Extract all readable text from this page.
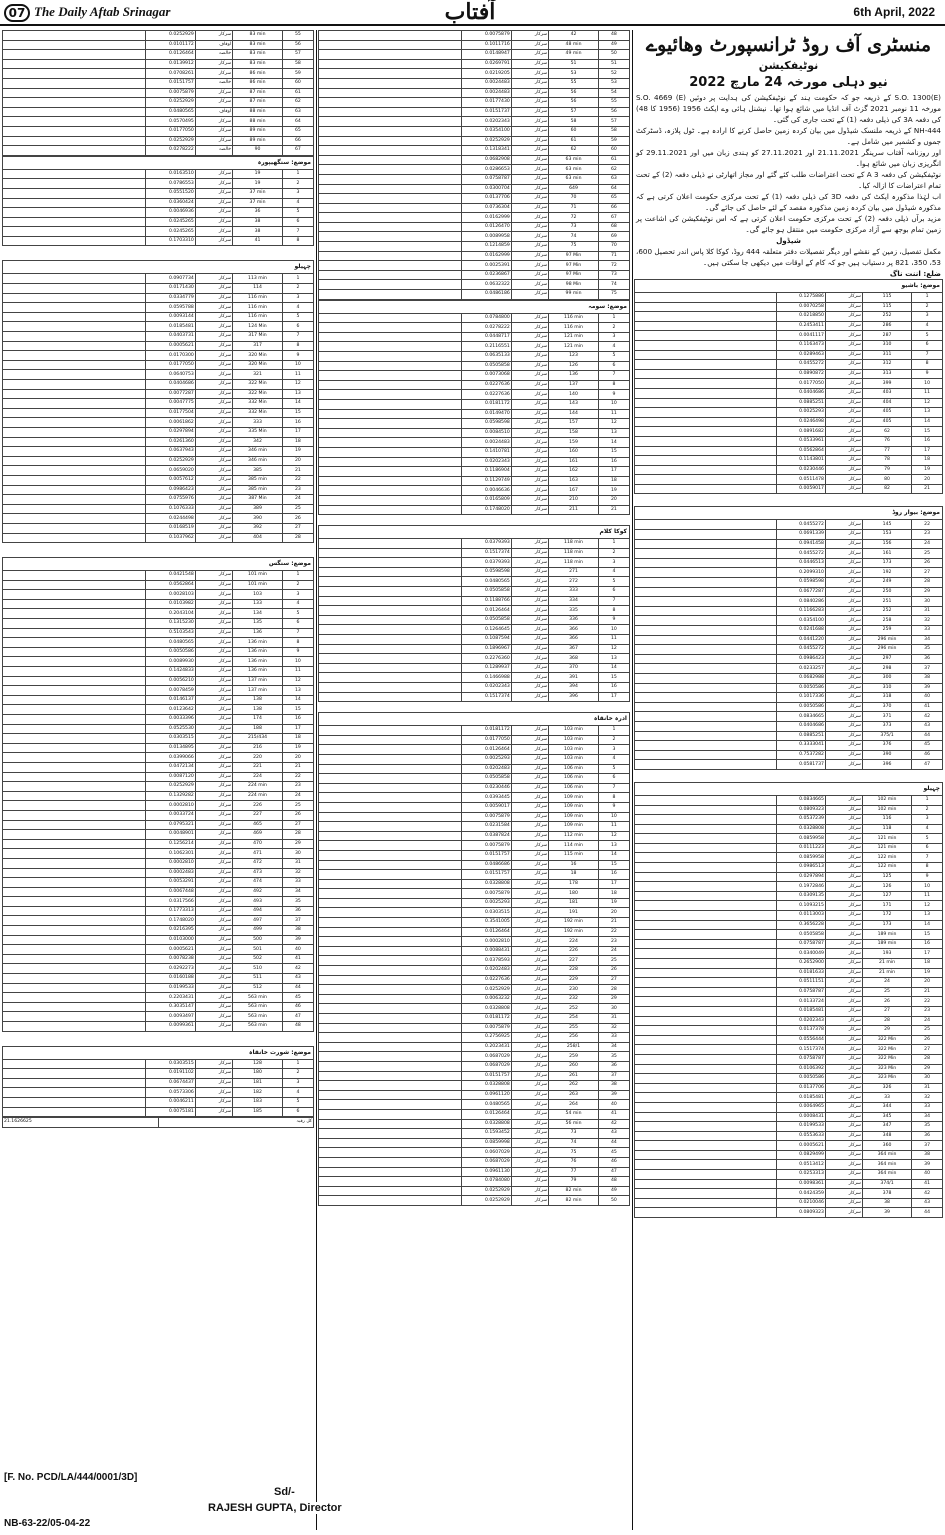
07 The Daily Aftab Srinagar	آفتاب	6th April, 2022
	0.0252929	سرکار	83 min	55
	0.0101172	اوقاف	83 min	56
	0.0126464	خالصہ	83 min	57
	0.0139912	سرکار	83 min	58
	0.0708261	سرکار	86 min	59
	0.0151757	خالصہ	86 min	60
	0.0075879	سرکار	87 min	61
	0.0252929	سرکار	87 min	62
	0.0480565	اوقاف	88 min	63
	0.0570495	سرکار	88 min	64
	0.0177050	سرکار	89 min	65
	0.0252929	سرکار	89 min	66
	0.0278222	خالصہ	90	67
موضع: سنگھیپورہ
	0.0163510	سرکار	19	1
	0.0786553	سرکار	19	2
	0.0551520	سرکار	37 min	3
	0.0360424	سرکار	37 min	4
	0.0046936	سرکار	36	5
	0.0245265	سرکار	38	6
	0.0245265	سرکار	38	7
	0.1703310	سرکار	41	8
چہیلو
	0.0907734	سرکار	113 min	1
	0.0171430	سرکار	114	2
	0.0334779	سرکار	116 min	3
	0.0595788	سرکار	116 min	4
	0.0093144	سرکار	116 min	5
	0.0185481	سرکار	124 Min	6
	0.0403731	سرکار	317 Min	7
	0.0005621	سرکار	317	8
	0.0170300	سرکار	320 Min	9
	0.0177050	سرکار	320 Min	10
	0.0640753	سرکار	321	11
	0.0404686	سرکار	322 Min	12
	0.0077287	سرکار	322 Min	13
	0.0047775	سرکار	332 Min	14
	0.0177504	سرکار	332 Min	15
	0.0061862	سرکار	333	16
	0.0297894	سرکار	335 Min	17
	0.0261360	سرکار	342	18
	0.0637943	سرکار	346 min	19
	0.0252929	سرکار	346 min	20
	0.0659020	سرکار	385	21
	0.0057612	سرکار	385 min	22
	0.0986423	سرکار	385 min	23
	0.0755976	سرکار	387 Min	24
	0.1076333	سرکار	389	25
	0.0244498	سرکار	390	26
	0.0168519	سرکار	392	27
	0.1037962	سرکار	404	28
موضع: سنگس
	0.0421548	سرکار	101 min	1
	0.0562864	سرکار	101 min	2
	0.0028103	سرکار	103	3
	0.0103982	سرکار	133	4
	0.2043104	سرکار	134	5
	0.1315230	سرکار	135	6
	0.5103543	سرکار	136	7
	0.0480565	سرکار	136 min	8
	0.0050586	سرکار	136 min	9
	0.0089930	سرکار	136 min	10
	0.1424833	سرکار	136 min	11
	0.0056210	سرکار	137 min	12
	0.0078459	سرکار	137 min	13
	0.0146137	سرکار	138	14
	0.0123642	سرکار	138	15
	0.0033396	سرکار	174	16
	0.0525530	سرکار	188	17
	0.0303515	سرکار	215/434	18
	0.0134895	سرکار	216	19
	0.0399066	سرکار	220	20
	0.0472134	سرکار	221	21
	0.0087120	سرکار	224	22
	0.0252929	سرکار	224 min	23
	0.1329282	سرکار	224 min	24
	0.0002810	سرکار	226	25
	0.0033724	سرکار	227	26
	0.0795321	سرکار	465	27
	0.0048901	سرکار	469	28
	0.1256214	سرکار	470	29
	0.1062301	سرکار	471	30
	0.0002810	سرکار	472	31
	0.0002483	سرکار	473	32
	0.0053291	سرکار	474	33
	0.0067448	سرکار	492	34
	0.0317566	سرکار	493	35
	0.1773313	سرکار	494	36
	0.1748020	سرکار	497	37
	0.0216395	سرکار	499	38
	0.0103000	سرکار	500	39
	0.0005621	سرکار	501	40
	0.0078238	سرکار	502	41
	0.0292273	سرکار	510	42
	0.0160188	سرکار	511	43
	0.0199533	سرکار	512	44
	0.2203431	سرکار	563 min	45
	0.3035147	سرکار	563 min	46
	0.0093497	سرکار	563 min	47
	0.0099361	سرکار	563 min	48
موضع: شورت خانقاہ
	0.0303515	سرکار	128	1
	0.0191102	سرکار	180	2
	0.0674437	سرکار	181	3
	0.0573306	سرکار	182	4
	0.0046211	سرکار	183	5
	0.0075181	سرکار	185	6
21.1626625	کل رقبہ
	0.0075879	سرکار	42	48
	0.1011716	سرکار	48 min	49
	0.0148947	سرکار	49 min	50
	0.0269791	سرکار	51	51
	0.0219205	سرکار	53	52
	0.0024483	سرکار	55	53
	0.0024483	سرکار	56	54
	0.0177430	سرکار	56	55
	0.0151737	سرکار	57	56
	0.0202343	سرکار	58	57
	0.0354100	سرکار	60	58
	0.0252929	سرکار	61	59
	0.1318341	سرکار	62	60
	0.0682908	سرکار	63 min	61
	0.0286653	سرکار	63 min	62
	0.0758787	سرکار	63 min	63
	0.0300704	سرکار	649	64
	0.0137706	سرکار	70	65
	0.0736304	سرکار	71	66
	0.0162999	سرکار	72	67
	0.0126470	سرکار	73	68
	0.0089958	سرکار	74	69
	0.1214859	سرکار	75	70
	0.0162999	سرکار	97 Min	71
	0.0025391	سرکار	97 Min	72
	0.0236867	سرکار	97 Min	73
	0.0632322	سرکار	98 Min	74
	0.0486186	سرکار	99 min	75
موضع: سومہ
	0.0784800	سرکار	116 min	1
	0.0278222	سرکار	116 min	2
	0.0448717	سرکار	121 min	3
	0.2116551	سرکار	121 min	4
	0.0635133	سرکار	123	5
	0.0505858	سرکار	126	6
	0.0073068	سرکار	136	7
	0.0227636	سرکار	137	8
	0.0227636	سرکار	140	9
	0.0181172	سرکار	143	10
	0.0149470	سرکار	144	11
	0.0598598	سرکار	157	12
	0.0084510	سرکار	158	13
	0.0024483	سرکار	159	14
	0.1410781	سرکار	160	15
	0.0202343	سرکار	161	16
	0.1186904	سرکار	162	17
	0.1129749	سرکار	163	18
	0.0046636	سرکار	167	19
	0.0165809	سرکار	210	20
	0.1748020	سرکار	211	21
کوکا کلام
	0.0379393	سرکار	118 min	1
	0.1517374	سرکار	118 min	2
	0.0379393	سرکار	118 min	3
	0.0598598	سرکار	271	4
	0.0480565	سرکار	272	5
	0.0505858	سرکار	333	6
	0.1188766	سرکار	334	7
	0.0126464	سرکار	335	8
	0.0505858	سرکار	336	9
	0.1264645	سرکار	366	10
	0.1087594	سرکار	366	11
	0.1896967	سرکار	367	12
	0.2276360	سرکار	368	13
	0.1289937	سرکار	370	14
	0.1466988	سرکار	391	15
	0.0202343	سرکار	394	16
	0.1517374	سرکار	396	17
ادرہ خانقاہ
	0.0181172	سرکار	103 min	1
	0.0177050	سرکار	103 min	2
	0.0126464	سرکار	103 min	3
	0.0025293	سرکار	103 min	4
	0.0202483	سرکار	106 min	5
	0.0505858	سرکار	106 min	6
	0.0230446	سرکار	106 min	7
	0.0393445	سرکار	109 min	8
	0.0059017	سرکار	109 min	9
	0.0075879	سرکار	109 min	10
	0.0231584	سرکار	109 min	11
	0.0387824	سرکار	112 min	12
	0.0075879	سرکار	114 min	13
	0.0151757	سرکار	115 min	14
	0.0486686	سرکار	16	15
	0.0151757	سرکار	18	16
	0.0328808	سرکار	178	17
	0.0075879	سرکار	180	18
	0.0025293	سرکار	181	19
	0.0303515	سرکار	191	20
	0.3541005	سرکار	192 min	21
	0.0126464	سرکار	192 min	22
	0.0002810	سرکار	224	23
	0.0088431	سرکار	226	24
	0.0378593	سرکار	227	25
	0.0202483	سرکار	228	26
	0.0227636	سرکار	229	27
	0.0252929	سرکار	230	28
	0.0063232	سرکار	232	29
	0.0328808	سرکار	252	30
	0.0181172	سرکار	254	31
	0.0075879	سرکار	255	32
	0.2756925	سرکار	256	33
	0.2023431	سرکار	258/1	34
	0.0687029	سرکار	259	35
	0.0687029	سرکار	260	36
	0.0151757	سرکار	261	37
	0.0328808	سرکار	262	38
	0.0961120	سرکار	263	39
	0.0480565	سرکار	264	40
	0.0126464	سرکار	54 min	41
	0.0328808	سرکار	56 min	42
	0.1593452	سرکار	73	43
	0.0859998	سرکار	74	44
	0.0607029	سرکار	75	45
	0.0687029	سرکار	76	46
	0.0961130	سرکار	77	47
	0.0784080	سرکار	79	48
	0.0252929	سرکار	82 min	49
	0.0252929	سرکار	82 min	50
منسٹری آف روڈ ٹرانسپورٹ وھائیوے
نوٹیفکیشن
نیو دہلی مورخہ 24 مارچ 2022
S.O. 1300(E) کے ذریعہ جو کہ حکومت ہند کے نوٹیفکیشن کی ہدایت پر دوئیں S.O. 4669 (E) مورخہ 11 نومبر 2021 گزٹ آف انڈیا میں شائع ہوا تھا۔ نیشنل ہائی وے ایکٹ 1956 (1956 کا 48) کی دفعہ 3A کی ذیلی دفعہ (1) کے تحت جاری کی گئی۔
NH-444 کے ذریعہ ملنسک شیڈول میں بیان کردہ زمین حاصل کرنے کا ارادہ ہے۔ ٹول پلازہ، ڈسٹرکٹ جموں و کشمیر میں شامل ہے۔
اور روزنامہ آفتاب سرینگر 21.11.2021 اور 27.11.2021 کو ہندی زبان میں اور 29.11.2021 کو انگریزی زبان میں شائع ہوا۔
نوٹیفکیشن کی دفعہ 3 A کے تحت اعتراضات طلب کئے گئے اور مجاز اتھارٹی نے ذیلی دفعہ (2) کے تحت تمام اعتراضات کا ازالہ کیا۔
اب لہٰذا مذکورہ ایکٹ کی دفعہ 3D کی ذیلی دفعہ (1) کے تحت مرکزی حکومت اعلان کرتی ہے کہ مذکورہ شیڈول میں بیان کردہ زمین مذکورہ مقصد کے لئے حاصل کی جائے گی۔
مزید برآں ذیلی دفعہ (2) کے تحت مرکزی حکومت اعلان کرتی ہے کہ اس نوٹیفکیشن کی اشاعت پر زمین تمام بوجھ سے آزاد مرکزی حکومت میں منتقل ہو جائے گی۔
شیڈول
مکمل تفصیل، زمین کے نقشے اور دیگر تفصیلات دفتر متعلقہ 444 روڈ، کوکا کلا پاس اندر تحصیل 600، 53، 350، 821 پر دستیاب ہیں جو کہ کام کے اوقات میں دیکھی جا سکتی ہیں۔
ضلع: اننت ناگ
موضع: باشیو
	0.1275886	سرکار	115	1
	0.0070258	سرکار	115	2
	0.0218850	سرکار	252	3
	0.2453411	سرکار	286	4
	0.0041117	سرکار	287	5
	0.1163473	سرکار	310	6
	0.0289463	سرکار	311	7
	0.0455272	سرکار	312	8
	0.0890872	سرکار	313	9
	0.0177050	سرکار	399	10
	0.0404686	سرکار	403	11
	0.0885251	سرکار	404	12
	0.0025293	سرکار	405	13
	0.0246498	سرکار	405	14
	0.0891682	سرکار	62	15
	0.0533961	سرکار	76	16
	0.0562864	سرکار	77	17
	0.1143801	سرکار	78	18
	0.0230446	سرکار	79	19
	0.0511478	سرکار	80	20
	0.0059017	سرکار	82	21
موضع: بیوار روڈ
	0.0455272	سرکار	145	22
	0.0691339	سرکار	153	23
	0.0941458	سرکار	156	24
	0.0455272	سرکار	161	25
	0.0446513	سرکار	173	26
	0.2099310	سرکار	192	27
	0.0598598	سرکار	249	28
	0.0677287	سرکار	250	29
	0.0840286	سرکار	251	30
	0.1166283	سرکار	252	31
	0.0354100	سرکار	258	32
	0.0241688	سرکار	259	33
	0.0441220	سرکار	296 min	34
	0.0455272	سرکار	296 min	35
	0.0986423	سرکار	297	36
	0.0233257	سرکار	298	37
	0.0682988	سرکار	300	38
	0.0050586	سرکار	310	39
	0.1017336	سرکار	318	40
	0.0050586	سرکار	370	41
	0.0834665	سرکار	371	42
	0.0404686	سرکار	373	43
	0.0885251	سرکار	375/1	44
	0.3333041	سرکار	376	45
	0.7537282	سرکار	390	46
	0.0581737	سرکار	396	47
چہیلو
	0.0834665	سرکار	102 min	1
	0.0809323	سرکار	102 min	2
	0.0537239	سرکار	116	3
	0.0328808	سرکار	118	4
	0.0859958	سرکار	121 min	5
	0.0111223	سرکار	121 min	6
	0.0859958	سرکار	122 min	7
	0.0986513	سرکار	122 min	8
	0.0297894	سرکار	125	9
	0.1972846	سرکار	126	10
	0.0309135	سرکار	127	11
	0.1093215	سرکار	171	12
	0.0113003	سرکار	172	13
	0.3656228	سرکار	173	14
	0.0505858	سرکار	189 min	15
	0.0758787	سرکار	189 min	16
	0.0340049	سرکار	193	17
	0.2652900	سرکار	21 min	18
	0.0181633	سرکار	21 min	19
	0.0511151	سرکار	24	20
	0.0758787	سرکار	25	21
	0.0133724	سرکار	26	22
	0.0185481	سرکار	27	23
	0.0202343	سرکار	28	24
	0.0137378	سرکار	29	25
	0.0556444	سرکار	322 Min	26
	0.1517374	سرکار	322 Min	27
	0.0758787	سرکار	322 Min	28
	0.0106392	سرکار	323 Min	29
	0.0050586	سرکار	323 Min	30
	0.0137706	سرکار	326	31
	0.0185481	سرکار	33	32
	0.0064965	سرکار	344	33
	0.0008431	سرکار	345	34
	0.0199533	سرکار	347	35
	0.0553633	سرکار	348	36
	0.0005621	سرکار	360	37
	0.0829499	سرکار	364 min	38
	0.0513412	سرکار	364 min	39
	0.0253313	سرکار	364 min	40
	0.0098361	سرکار	374/1	41
	0.0424359	سرکار	378	42
	0.0210046	سرکار	38	43
	0.0809323	سرکار	39	44
[F. No. PCD/LA/444/0001/3D]
Sd/-
RAJESH GUPTA, Director
NB-63-22/05-04-22
